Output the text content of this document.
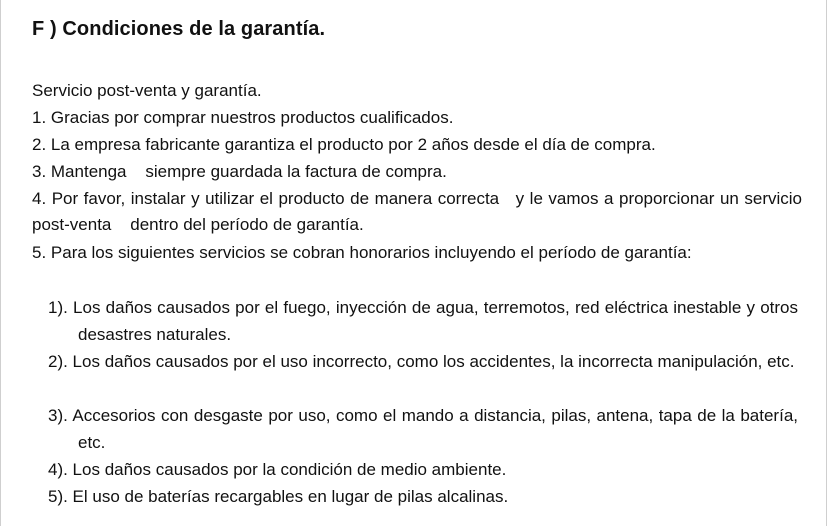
F ) Condiciones de la garantía.
Servicio post-venta y garantía.
1. Gracias por comprar nuestros productos cualificados.
2. La empresa fabricante garantiza el producto por 2 años desde el día de compra.
3. Mantenga    siempre guardada la factura de compra.
4. Por favor, instalar y utilizar el producto de manera correcta   y le vamos a proporcionar un servicio post-venta    dentro del período de garantía.
5. Para los siguientes servicios se cobran honorarios incluyendo el período de garantía:
1). Los daños causados por el fuego, inyección de agua, terremotos, red eléctrica inestable y otros desastres naturales.
2). Los daños causados por el uso incorrecto, como los accidentes, la incorrecta manipulación, etc.
3). Accesorios con desgaste por uso, como el mando a distancia, pilas, antena, tapa de la batería, etc.
4). Los daños causados por la condición de medio ambiente.
5). El uso de baterías recargables en lugar de pilas alcalinas.
